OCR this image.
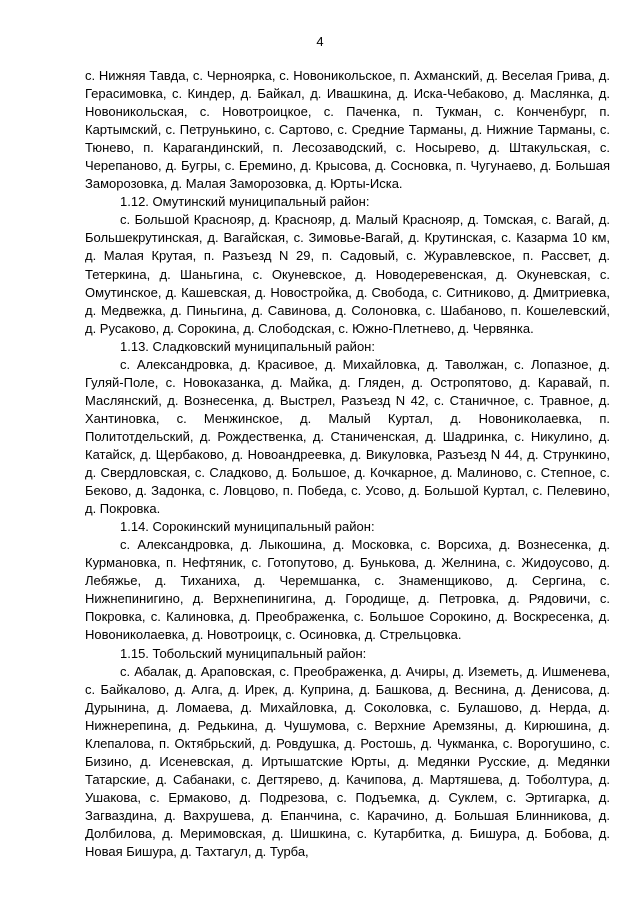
4

с. Нижняя Тавда, с. Черноярка, с. Новоникольское, п. Ахманский, д. Веселая Грива, д. Герасимовка, с. Киндер, д. Байкал, д. Ивашкина, д. Иска-Чебаково, д. Маслянка, д. Новоникольская, с. Новотроицкое, с. Паченка, п. Тукман, с. Конченбург, п. Картымский, с. Петрунькино, с. Сартово, с. Средние Тарманы, д. Нижние Тарманы, с. Тюнево, п. Карагандинский, п. Лесозаводский, с. Носырево, д. Штакульская, с. Черепаново, д. Бугры, с. Еремино, д. Крысова, д. Сосновка, п. Чугунаево, д. Большая Заморозовка, д. Малая Заморозовка, д. Юрты-Иска.

1.12. Омутинский муниципальный район:

с. Большой Краснояр, д. Краснояр, д. Малый Краснояр, д. Томская, с. Вагай, д. Большекрутинская, д. Вагайская, с. Зимовье-Вагай, д. Крутинская, с. Казарма 10 км, д. Малая Крутая, п. Разъезд N 29, п. Садовый, с. Журавлевское, п. Рассвет, д. Тетеркина, д. Шаньгина, с. Окуневское, д. Новодеревенская, д. Окуневская, с. Омутинское, д. Кашевская, д. Новостройка, д. Свобода, с. Ситниково, д. Дмитриевка, д. Медвежка, д. Пиньгина, д. Савинова, д. Солоновка, с. Шабаново, п. Кошелевский, д. Русаково, д. Сорокина, д. Слободская, с. Южно-Плетнево, д. Червянка.

1.13. Сладковский муниципальный район:

с. Александровка, д. Красивое, д. Михайловка, д. Таволжан, с. Лопазное, д. Гуляй-Поле, с. Новоказанка, д. Майка, д. Гляден, д. Остропятово, д. Каравай, п. Маслянский, д. Вознесенка, д. Выстрел, Разъезд N 42, с. Станичное, с. Травное, д. Хантиновка, с. Менжинское, д. Малый Куртал, д. Новониколаевка, п. Политотдельский, д. Рождественка, д. Станиченская, д. Шадринка, с. Никулино, д. Катайск, д. Щербаково, д. Новоандреевка, д. Викуловка, Разъезд N 44, д. Стрункино, д. Свердловская, с. Сладково, д. Большое, д. Кочкарное, д. Малиново, с. Степное, с. Беково, д. Задонка, с. Ловцово, п. Победа, с. Усово, д. Большой Куртал, с. Пелевино, д. Покровка.

1.14. Сорокинский муниципальный район:

с. Александровка, д. Лыкошина, д. Московка, с. Ворсиха, д. Вознесенка, д. Курмановка, п. Нефтяник, с. Готопутово, д. Бунькова, д. Желнина, с. Жидоусово, д. Лебяжье, д. Тиханиха, д. Черемшанка, с. Знаменщиково, д. Сергина, с. Нижнепинигино, д. Верхнепинигина, д. Городище, д. Петровка, д. Рядовичи, с. Покровка, с. Калиновка, д. Преображенка, с. Большое Сорокино, д. Воскресенка, д. Новониколаевка, д. Новотроицк, с. Осиновка, д. Стрельцовка.

1.15. Тобольский муниципальный район:

с. Абалак, д. Араповская, с. Преображенка, д. Ачиры, д. Иземеть, д. Ишменева, с. Байкалово, д. Алга, д. Ирек, д. Куприна, д. Башкова, д. Веснина, д. Денисова, д. Дурынина, д. Ломаева, д. Михайловка, д. Соколовка, с. Булашово, д. Нерда, д. Нижнерепина, д. Редькина, д. Чушумова, с. Верхние Аремзяны, д. Кирюшина, д. Клепалова, п. Октябрьский, д. Ровдушка, д. Ростошь, д. Чукманка, с. Ворогушино, с. Бизино, д. Исеневская, д. Иртышатские Юрты, д. Медянки Русские, д. Медянки Татарские, д. Сабанаки, с. Дегтярево, д. Качипова, д. Мартяшева, д. Тоболтура, д. Ушакова, с. Ермаково, д. Подрезова, с. Подъемка, д. Суклем, с. Эртигарка, д. Загваздина, д. Вахрушева, д. Епанчина, с. Карачино, д. Большая Блинникова, д. Долбилова, д. Меримовская, д. Шишкина, с. Кутарбитка, д. Бишура, д. Бобова, д. Новая Бишура, д. Тахтагул, д. Турба,
